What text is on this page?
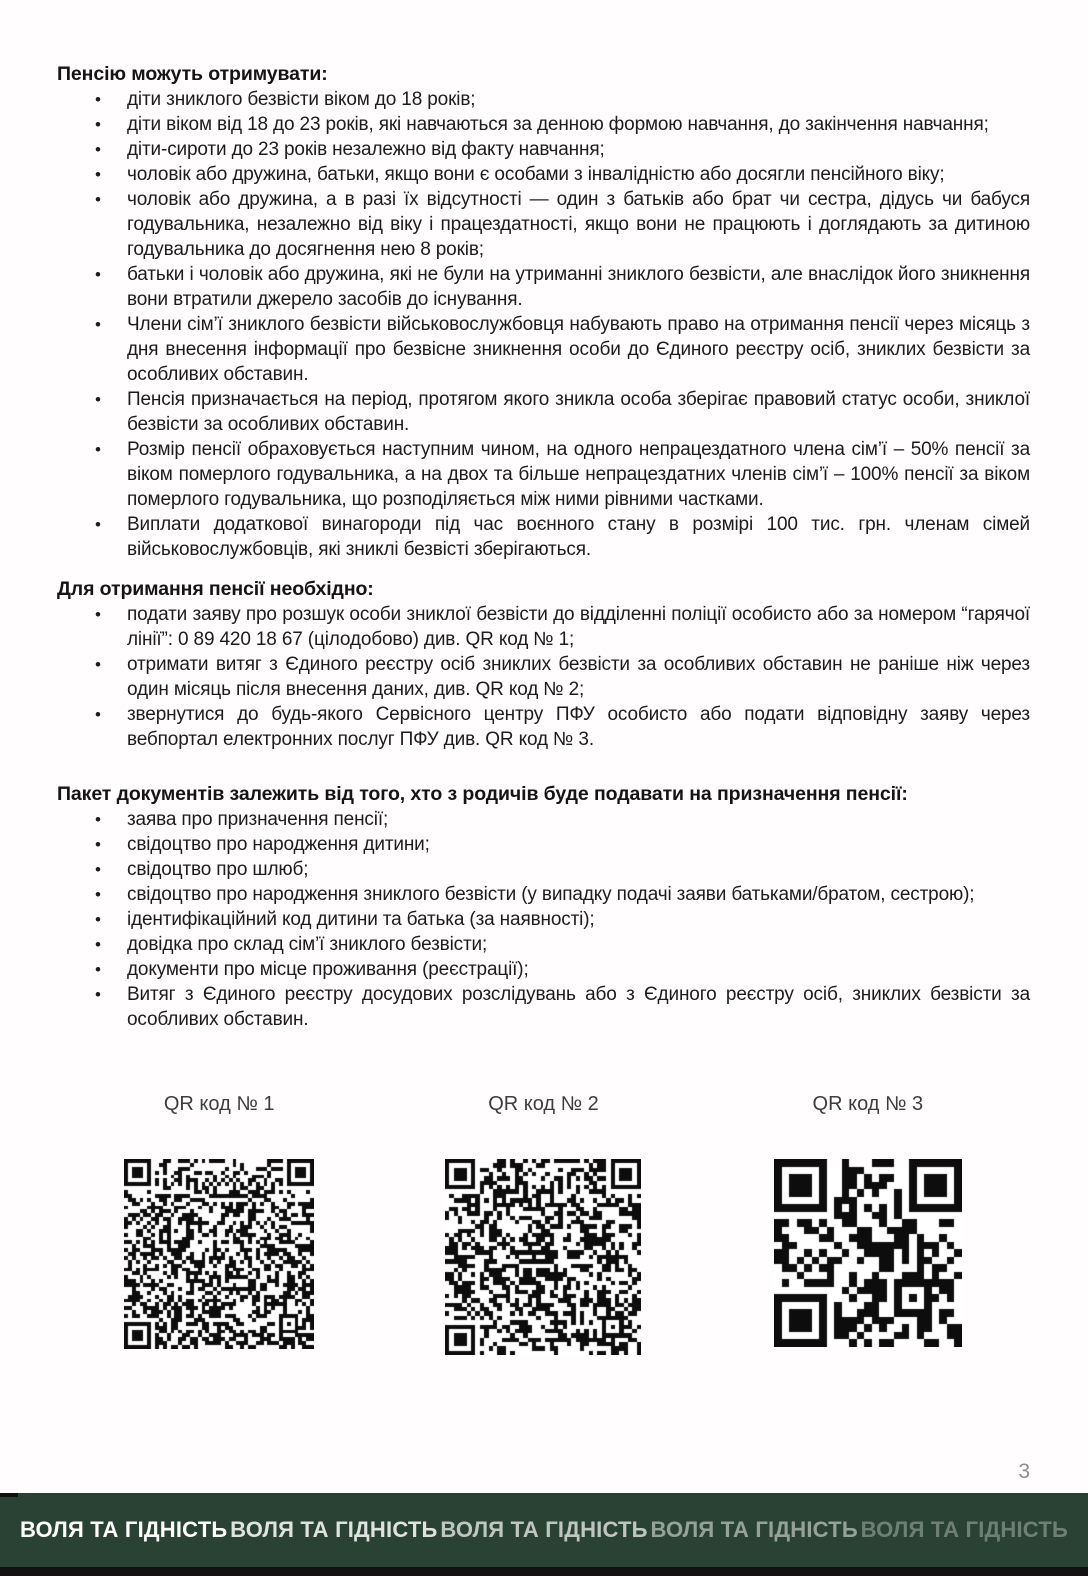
Пенсію можуть отримувати:
• діти зниклого безвісти віком до 18 років;
• діти віком від 18 до 23 років, які навчаються за денною формою навчання, до закінчення навчання;
• діти-сироти до 23 років незалежно від факту навчання;
• чоловік або дружина, батьки, якщо вони є особами з інвалідністю або досягли пенсійного віку;
• чоловік або дружина, а в разі їх відсутності — один з батьків або брат чи сестра, дідусь чи бабуся годувальника, незалежно від віку і працездатності, якщо вони не працюють і доглядають за дитиною годувальника до досягнення нею 8 років;
• батьки і чоловік або дружина, які не були на утриманні зниклого безвісти, але внаслідок його зникнення вони втратили джерело засобів до існування.
• Члени сім’ї зниклого безвісти військовослужбовця набувають право на отримання пенсії через місяць з дня внесення інформації про безвісне зникнення особи до Єдиного реєстру осіб, зниклих безвісти за особливих обставин.
• Пенсія призначається на період, протягом якого зникла особа зберігає правовий статус особи, зниклої безвісти за особливих обставин.
• Розмір пенсії обраховується наступним чином, на одного непрацездатного члена сім’ї – 50% пенсії за віком померлого годувальника, а на двох та більше непрацездатних членів сім’ї – 100% пенсії за віком померлого годувальника, що розподіляється між ними рівними частками.
• Виплати додаткової винагороди під час воєнного стану в розмірі 100 тис. грн. членам сімей військовослужбовців, які зниклі безвісті зберігаються.
Для отримання пенсії необхідно:
• подати заяву про розшук особи зниклої безвісти до відділенні поліції особисто або за номером “гарячої лінії”: 0 89 420 18 67 (цілодобово) див. QR код № 1;
• отримати витяг з Єдиного реєстру осіб зниклих безвісти за особливих обставин не раніше ніж через один місяць після внесення даних, див. QR код № 2;
• звернутися до будь-якого Сервісного центру ПФУ особисто або подати відповідну заяву через вебпортал електронних послуг ПФУ див. QR код № 3.
Пакет документів залежить від того, хто з родичів буде подавати на призначення пенсії:
• заява про призначення пенсії;
• свідоцтво про народження дитини;
• свідоцтво про шлюб;
• свідоцтво про народження зниклого безвісти (у випадку подачі заяви батьками/братом, сестрою);
• ідентифікаційний код дитини та батька (за наявності);
• довідка про склад сім’ї зниклого безвісти;
• документи про місце проживання (реєстрації);
• Витяг з Єдиного реєстру досудових розслідувань або з Єдиного реєстру осіб, зниклих безвісти за особливих обставин.
QR код № 1	QR код № 2	QR код № 3
3
ВОЛЯ ТА ГІДНІСТЬ ВОЛЯ ТА ГІДНІСТЬ ВОЛЯ ТА ГІДНІСТЬ ВОЛЯ ТА ГІДНІСТЬ ВОЛЯ ТА ГІДНІСТЬ
